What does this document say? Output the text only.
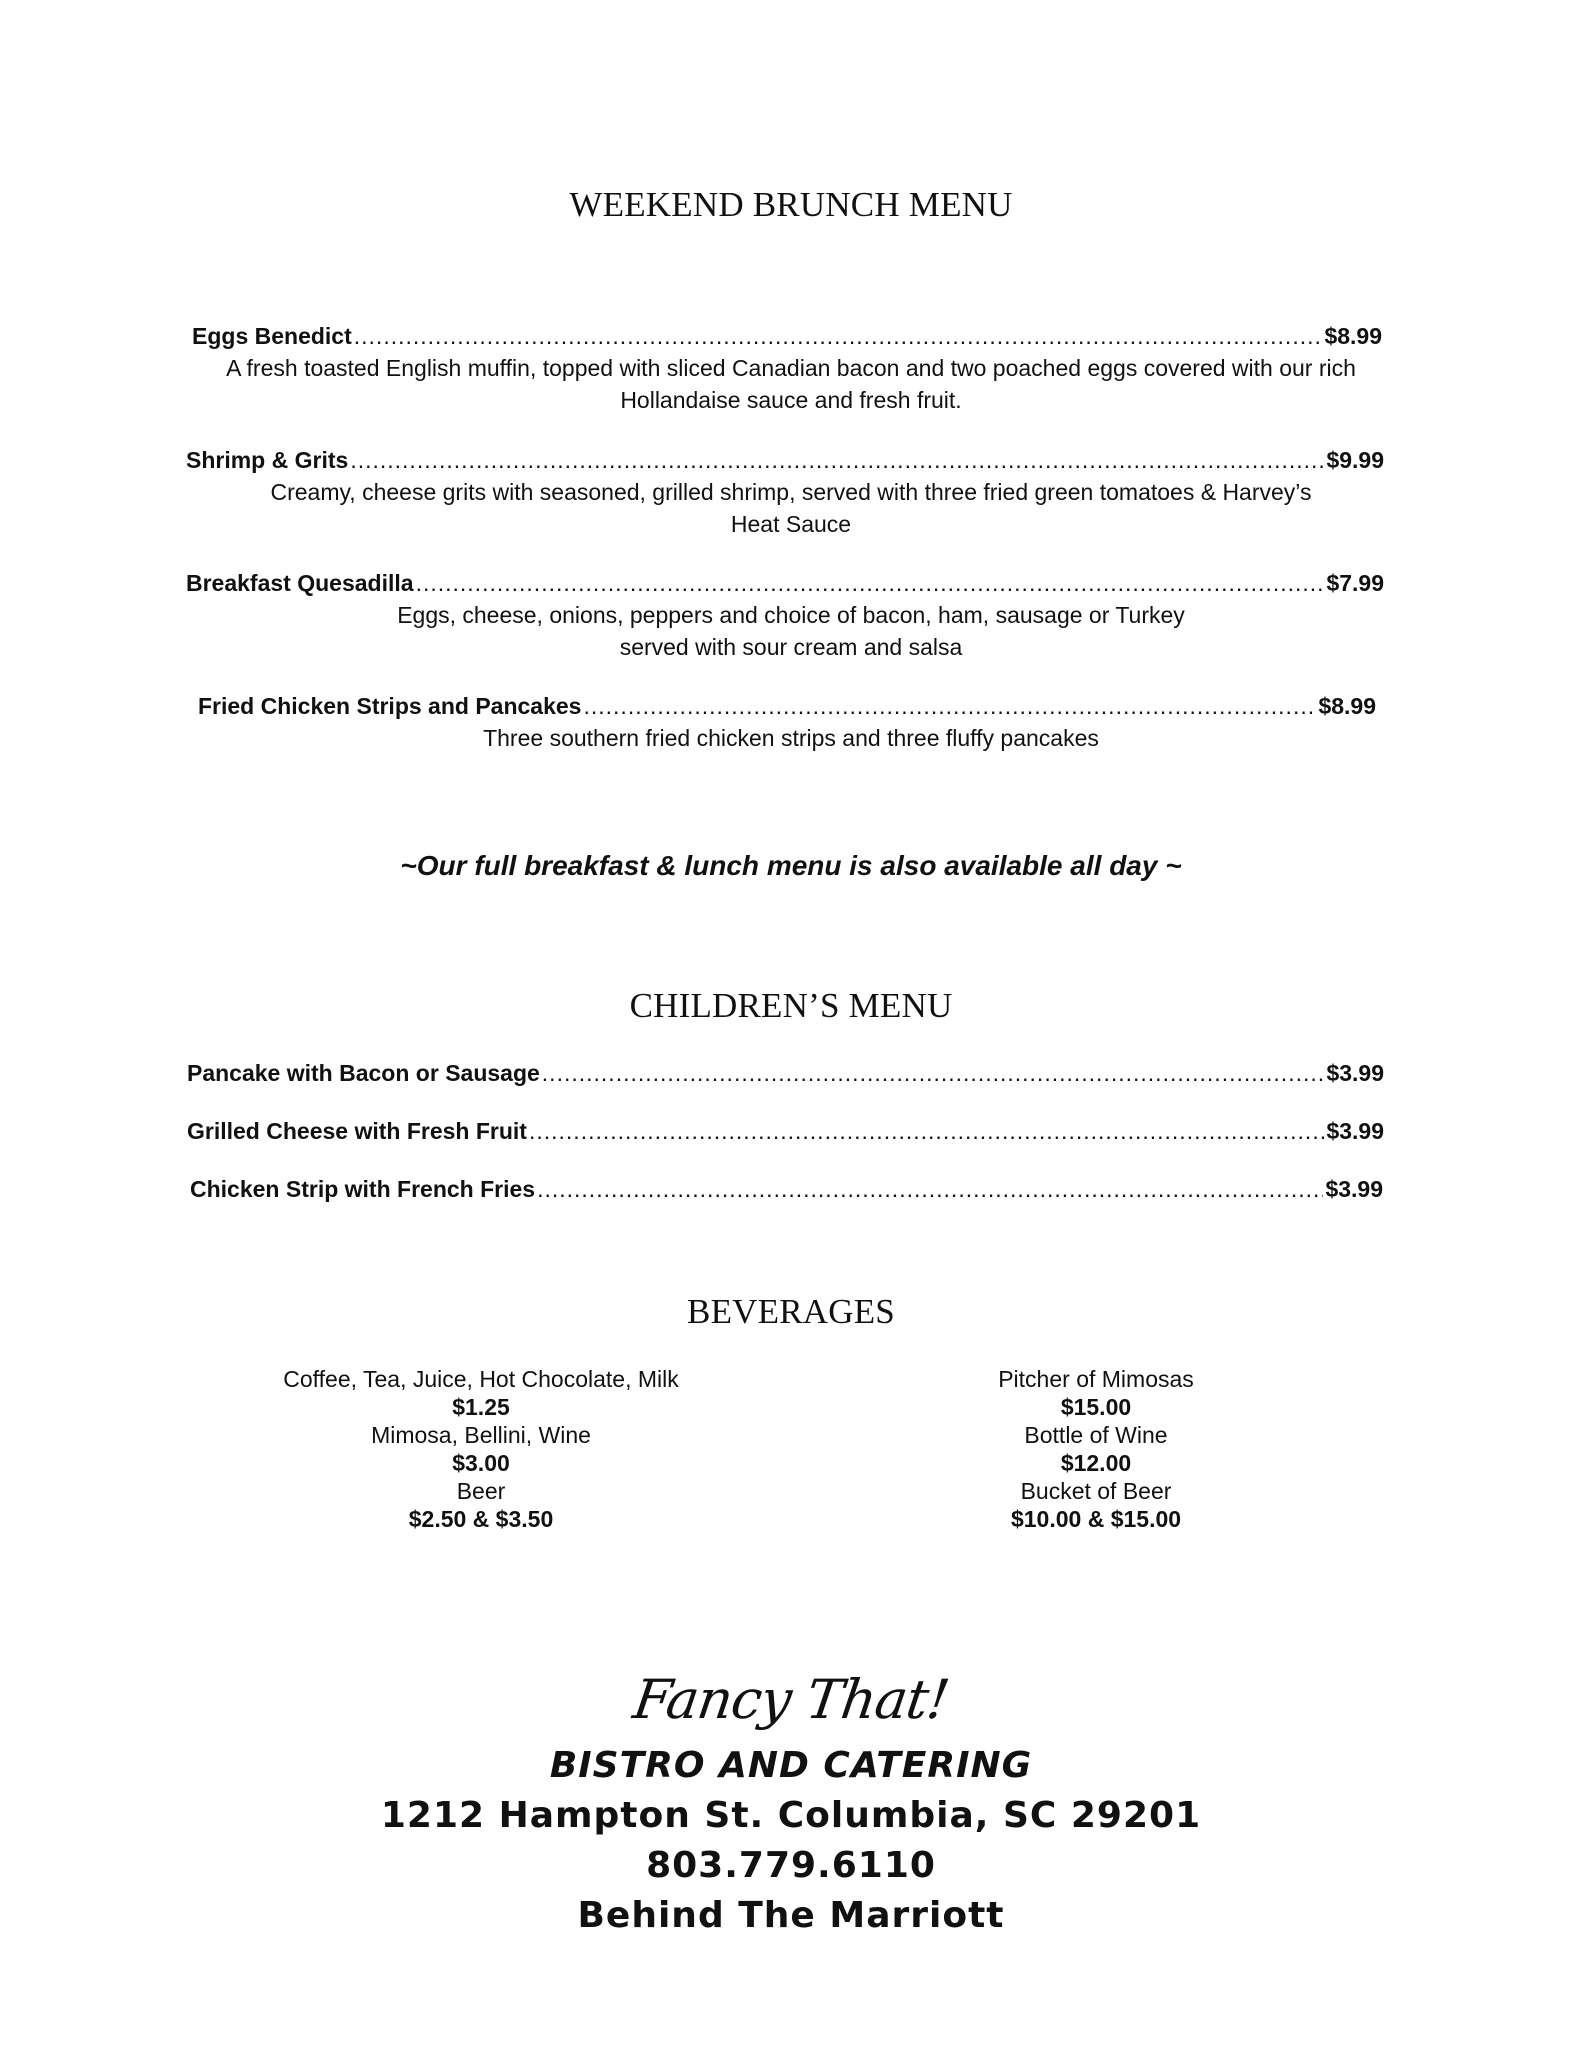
WEEKEND BRUNCH MENU
Eggs Benedict .....	$8.99
A fresh toasted English muffin, topped with sliced Canadian bacon and two poached eggs covered with our rich
Hollandaise sauce and fresh fruit.
Shrimp & Grits .....	$9.99
Creamy, cheese grits with seasoned, grilled shrimp, served with three fried green tomatoes & Harvey’s
Heat Sauce
Breakfast Quesadilla .....	$7.99
Eggs, cheese, onions, peppers and choice of bacon, ham, sausage or Turkey
served with sour cream and salsa
Fried Chicken Strips and Pancakes .....	$8.99
Three southern fried chicken strips and three fluffy pancakes
~Our full breakfast & lunch menu is also available all day ~
CHILDREN’S MENU
Pancake with Bacon or Sausage .....	$3.99
Grilled Cheese with Fresh Fruit .....	$3.99
Chicken Strip with French Fries .....	$3.99
BEVERAGES
Coffee, Tea, Juice, Hot Chocolate, Milk
$1.25
Mimosa, Bellini, Wine
$3.00
Beer
$2.50 & $3.50
Pitcher of Mimosas
$15.00
Bottle of Wine
$12.00
Bucket of Beer
$10.00 & $15.00
Fancy That!
BISTRO AND CATERING
1212 Hampton St. Columbia, SC 29201
803.779.6110
Behind The Marriott
